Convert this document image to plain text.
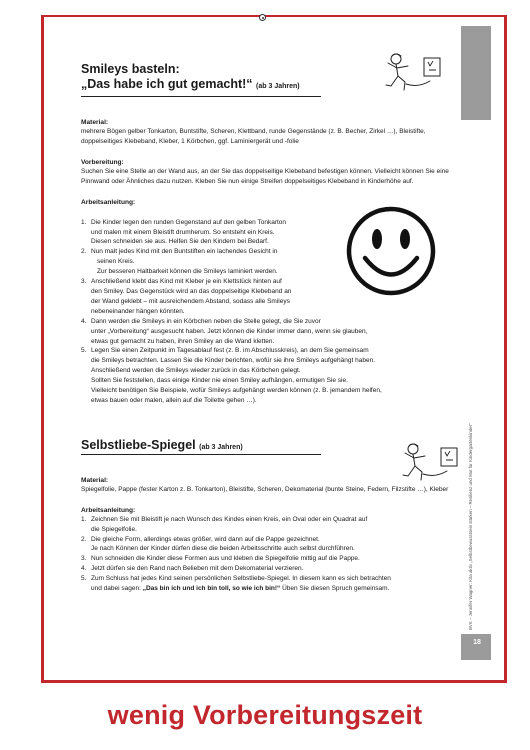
BVK – Jennifer Wagner: Kita aktiv „Selbstbewusstsein stärken – Resilienz und Mut für Kindergartenkinder“
18

Smileys basteln:

„Das habe ich gut gemacht!“ (ab 3 Jahren)

Material:

mehrere Bögen gelber Tonkarton, Buntstifte, Scheren, Klettband, runde Gegenstände (z. B. Becher, Zirkel …), Bleistifte, doppelseitiges Klebeband, Kleber, 1 Körbchen, ggf. Laminiergerät und -folie

Vorbereitung:

Suchen Sie eine Stelle an der Wand aus, an der Sie das doppelseitige Klebeband befestigen können. Vielleicht können Sie eine Pinnwand oder Ähnliches dazu nutzen. Kleben Sie nun einige Streifen doppelseitiges Klebeband in Kinderhöhe auf.

Arbeitsanleitung:

1. Die Kinder legen den runden Gegenstand auf den gelben Tonkarton
und malen mit einem Bleistift drumherum. So entsteht ein Kreis.
Diesen schneiden sie aus. Helfen Sie den Kindern bei Bedarf.
2. Nun malt jedes Kind mit den Buntstiften ein lachendes Gesicht in
seinen Kreis.
Zur besseren Haltbarkeit können die Smileys laminiert werden.
3. Anschließend klebt das Kind mit Kleber je ein Klettstück hinten auf
den Smiley. Das Gegenstück wird an das doppelseitige Klebeband an
der Wand geklebt – mit ausreichendem Abstand, sodass alle Smileys
nebeneinander hängen könnten.
4. Dann werden die Smileys in ein Körbchen neben die Stelle gelegt, die Sie zuvor
unter „Vorbereitung“ ausgesucht haben. Jetzt können die Kinder immer dann, wenn sie glauben,
etwas gut gemacht zu haben, ihren Smiley an die Wand kletten.
5. Legen Sie einen Zeitpunkt im Tagesablauf fest (z. B. im Abschlusskreis), an dem Sie gemeinsam
die Smileys betrachten. Lassen Sie die Kinder berichten, wofür sie ihre Smileys aufgehängt haben.
Anschließend werden die Smileys wieder zurück in das Körbchen gelegt.
Sollten Sie feststellen, dass einige Kinder nie einen Smiley aufhängen, ermutigen Sie sie.
Vielleicht benötigen Sie Beispiele, wofür Smileys aufgehängt werden können (z. B. jemandem helfen,
etwas bauen oder malen, allein auf die Toilette gehen …).

Selbstliebe-Spiegel (ab 3 Jahren)

Material:

Spiegelfolie, Pappe (fester Karton z. B. Tonkarton), Bleistifte, Scheren, Dekomaterial (bunte Steine, Federn, Filzstifte …), Kleber

Arbeitsanleitung:

1. Zeichnen Sie mit Bleistift je nach Wunsch des Kindes einen Kreis, ein Oval oder ein Quadrat auf
die Spiegelfolie.
2. Die gleiche Form, allerdings etwas größer, wird dann auf die Pappe gezeichnet.
Je nach Können der Kinder dürfen diese die beiden Arbeitsschritte auch selbst durchführen.
3. Nun schneiden die Kinder diese Formen aus und kleben die Spiegelfolie mittig auf die Pappe.
4. Jetzt dürfen sie den Rand nach Belieben mit dem Dekomaterial verzieren.
5. Zum Schluss hat jedes Kind seinen persönlichen Selbstliebe-Spiegel. In diesem kann es sich betrachten
und dabei sagen: „Das bin ich und ich bin toll, so wie ich bin!“ Üben Sie diesen Spruch gemeinsam.
wenig Vorbereitungszeit
